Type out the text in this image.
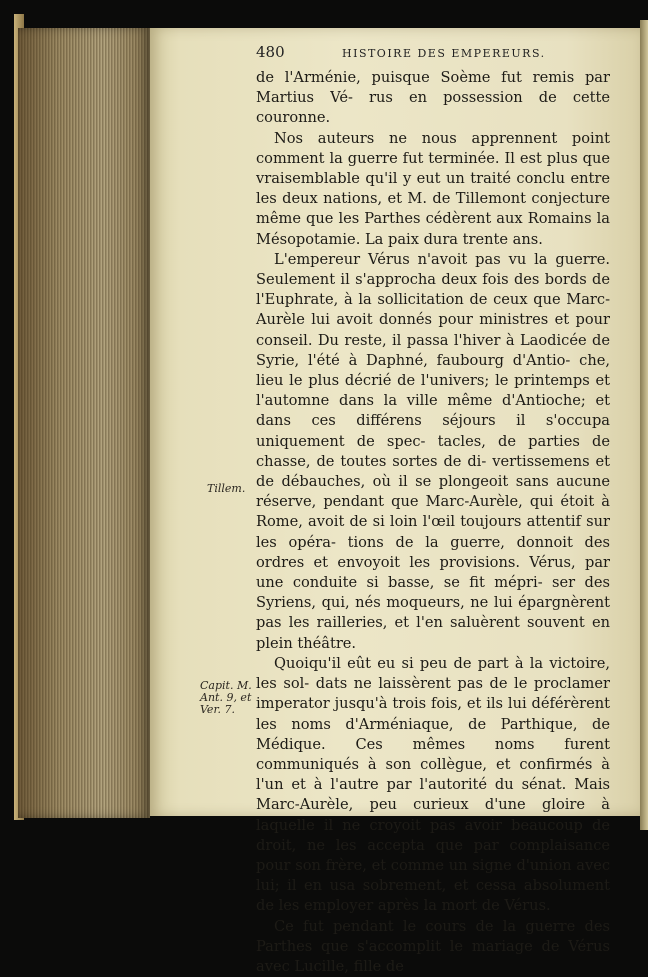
480	HISTOIRE DES EMPEREURS.
Tillem.
Capit. M.
Ant. 9, et
Ver. 7.

de l'Arménie, puisque Soème fut remis par Martius Vé- rus en possession de cette couronne.

Nos auteurs ne nous apprennent point comment la guerre fut terminée. Il est plus que vraisemblable qu'il y eut un traité conclu entre les deux nations, et M. de Tillemont conjecture même que les Parthes cédèrent aux Romains la Mésopotamie. La paix dura trente ans.

L'empereur Vérus n'avoit pas vu la guerre. Seulement il s'approcha deux fois des bords de l'Euphrate, à la sollicitation de ceux que Marc-Aurèle lui avoit donnés pour ministres et pour conseil. Du reste, il passa l'hiver à Laodicée de Syrie, l'été à Daphné, faubourg d'Antio- che, lieu le plus décrié de l'univers; le printemps et l'automne dans la ville même d'Antioche; et dans ces différens séjours il s'occupa uniquement de spec- tacles, de parties de chasse, de toutes sortes de di- vertissemens et de débauches, où il se plongeoit sans aucune réserve, pendant que Marc-Aurèle, qui étoit à Rome, avoit de si loin l'œil toujours attentif sur les opéra- tions de la guerre, donnoit des ordres et envoyoit les provisions. Vérus, par une conduite si basse, se fit mépri- ser des Syriens, qui, nés moqueurs, ne lui épargnèrent pas les railleries, et l'en saluèrent souvent en plein théâtre.

Quoiqu'il eût eu si peu de part à la victoire, les sol- dats ne laissèrent pas de le proclamer imperator jusqu'à trois fois, et ils lui déférèrent les noms d'Arméniaque, de Parthique, de Médique. Ces mêmes noms furent communiqués à son collègue, et confirmés à l'un et à l'autre par l'autorité du sénat. Mais Marc-Aurèle, peu curieux d'une gloire à laquelle il ne croyoit pas avoir beaucoup de droit, ne les accepta que par complaisance pour son frère, et comme un signe d'union avec lui; il en usa sobrement, et cessa absolument de les employer après la mort de Vérus.

Ce fut pendant le cours de la guerre des Parthes que s'accomplit le mariage de Vérus avec Lucille, fille de
